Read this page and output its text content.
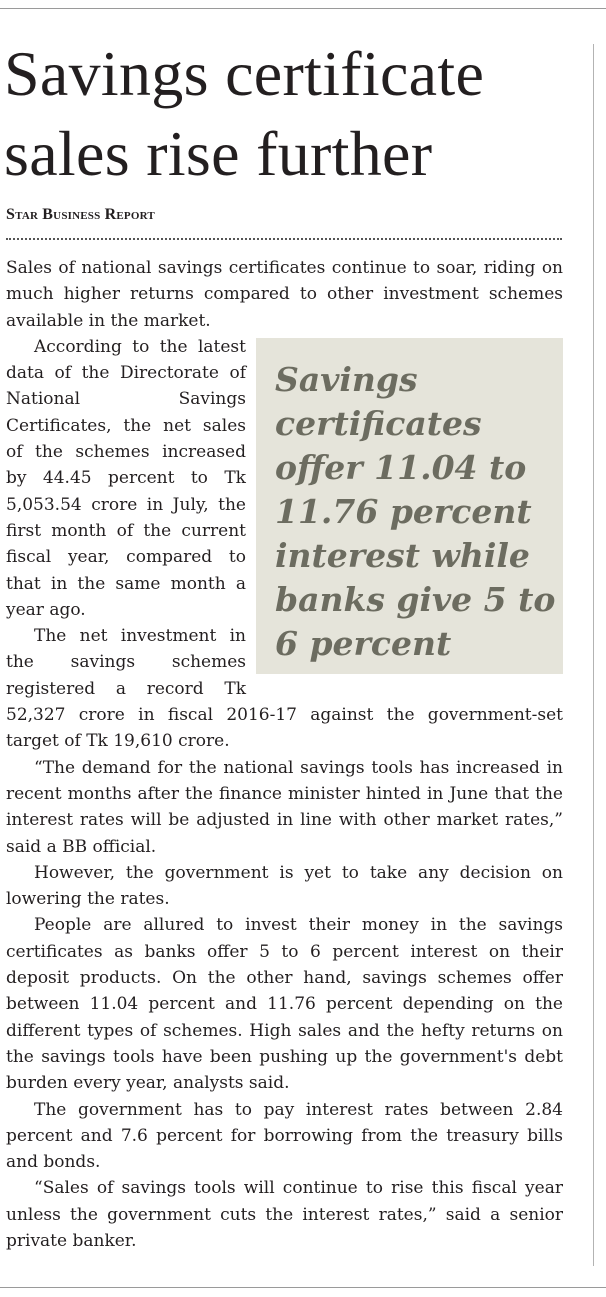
Savings certificate sales rise further
Star Business Report

Sales of national savings certificates continue to soar, riding on much higher returns compared to other investment schemes available in the market.

Savings certificates offer 11.04 to 11.76 percent interest while banks give 5 to 6 percent
According to the latest data of the Directorate of National Savings Certificates, the net sales of the schemes increased by 44.45 percent to Tk 5,053.54 crore in July, the first month of the current fiscal year, compared to that in the same month a year ago.

The net investment in the savings schemes registered a record Tk 52,327 crore in fiscal 2016-17 against the government-set target of Tk 19,610 crore.

“The demand for the national savings tools has increased in recent months after the finance minister hinted in June that the interest rates will be adjusted in line with other market rates,” said a BB official.

However, the government is yet to take any decision on lowering the rates.

People are allured to invest their money in the savings certificates as banks offer 5 to 6 percent interest on their deposit products. On the other hand, savings schemes offer between 11.04 percent and 11.76 percent depending on the different types of schemes. High sales and the hefty returns on the savings tools have been pushing up the government's debt burden every year, analysts said.

The government has to pay interest rates between 2.84 percent and 7.6 percent for borrowing from the treasury bills and bonds.

“Sales of savings tools will continue to rise this fiscal year unless the government cuts the interest rates,” said a senior private banker.
